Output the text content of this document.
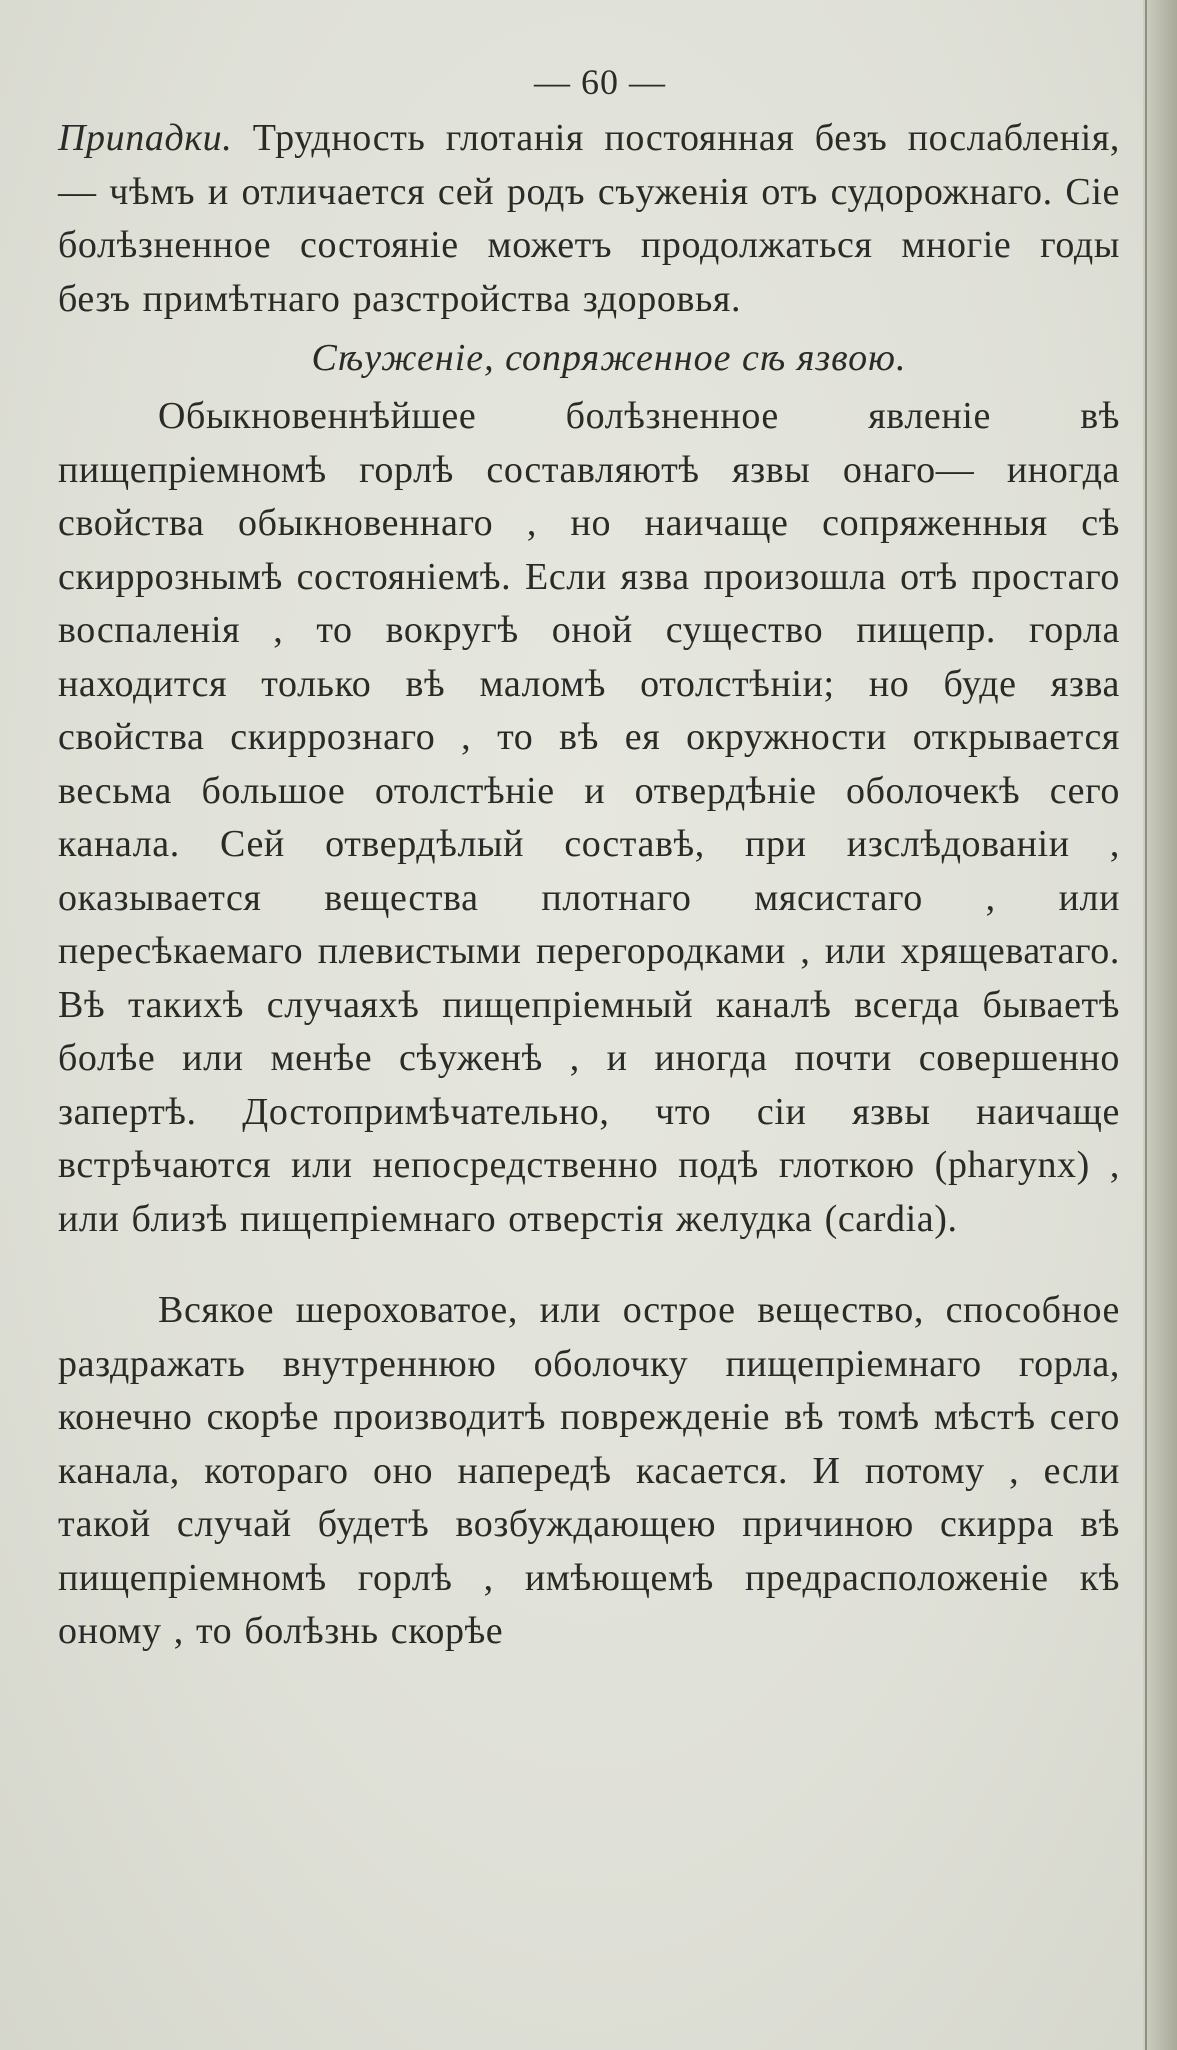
— 60 —

Припадки. Трудность глотанія постоянная безъ послабленія, — чѣмъ и отличается сей родъ съуженія отъ судорожнаго. Сіе болѣзненное состояніе можетъ продолжаться многіе годы безъ примѣтнаго разстройства здоровья.

Сѣуженіе, сопряженное сѣ язвою.

Обыкновеннѣйшее болѣзненное явленіе вѣ пищепріемномѣ горлѣ составляютѣ язвы онаго— иногда свойства обыкновеннаго , но наичаще сопряженныя сѣ скиррознымѣ состояніемѣ. Если язва произошла отѣ простаго воспаленія , то вокругѣ оной существо пищепр. горла находится только вѣ маломѣ отолстѣніи; но буде язва свойства скиррознаго , то вѣ ея окружности открывается весьма большое отолстѣніе и отвердѣніе оболочекѣ сего канала. Сей отвердѣлый составѣ, при изслѣдованіи , оказывается вещества плотнаго мясистаго , или пересѣкаемаго плевистыми перегородками , или хрящеватаго. Вѣ такихѣ случаяхѣ пищепріемный каналѣ всегда бываетѣ болѣе или менѣе сѣуженѣ , и иногда почти совершенно запертѣ. Достопримѣчательно, что сіи язвы наичаще встрѣчаются или непосредственно подѣ глоткою (pharynx) , или близѣ пищепріемнаго отверстія желудка (cardia).

Всякое шероховатое, или острое вещество, способное раздражать внутреннюю оболочку пищепріемнаго горла, конечно скорѣе производитѣ поврежденіе вѣ томѣ мѣстѣ сего канала, котораго оно напередѣ касается. И потому , если такой случай будетѣ возбуждающею причиною скирра вѣ пищепріемномѣ горлѣ , имѣющемѣ предрасположеніе кѣ оному , то болѣзнь скорѣе
